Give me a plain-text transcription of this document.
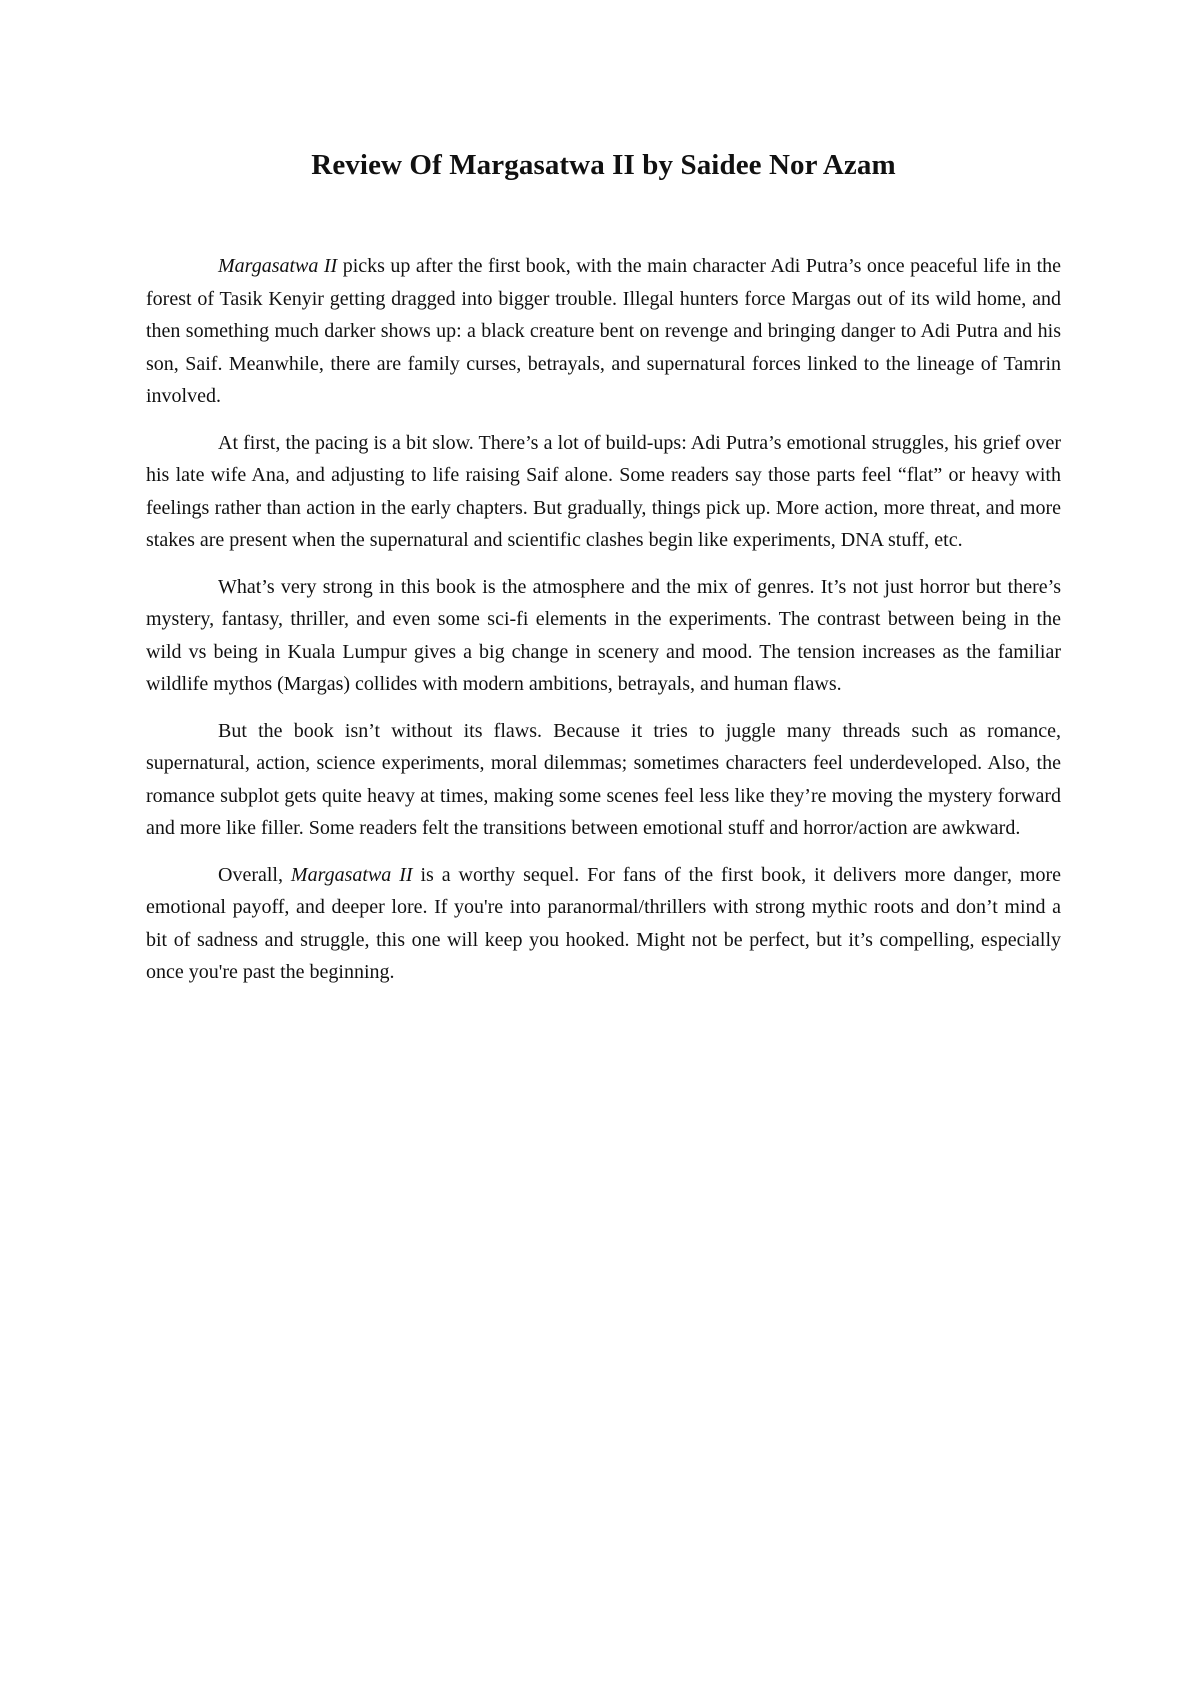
Review Of Margasatwa II by Saidee Nor Azam

Margasatwa II picks up after the first book, with the main character Adi Putra’s once peaceful life in the forest of Tasik Kenyir getting dragged into bigger trouble. Illegal hunters force Margas out of its wild home, and then something much darker shows up: a black creature bent on revenge and bringing danger to Adi Putra and his son, Saif. Meanwhile, there are family curses, betrayals, and supernatural forces linked to the lineage of Tamrin involved.

At first, the pacing is a bit slow. There’s a lot of build-ups: Adi Putra’s emotional struggles, his grief over his late wife Ana, and adjusting to life raising Saif alone. Some readers say those parts feel “flat” or heavy with feelings rather than action in the early chapters. But gradually, things pick up. More action, more threat, and more stakes are present when the supernatural and scientific clashes begin like experiments, DNA stuff, etc.

What’s very strong in this book is the atmosphere and the mix of genres. It’s not just horror but there’s mystery, fantasy, thriller, and even some sci-fi elements in the experiments. The contrast between being in the wild vs being in Kuala Lumpur gives a big change in scenery and mood. The tension increases as the familiar wildlife mythos (Margas) collides with modern ambitions, betrayals, and human flaws.

But the book isn’t without its flaws. Because it tries to juggle many threads such as romance, supernatural, action, science experiments, moral dilemmas; sometimes characters feel underdeveloped. Also, the romance subplot gets quite heavy at times, making some scenes feel less like they’re moving the mystery forward and more like filler. Some readers felt the transitions between emotional stuff and horror/action are awkward.

Overall, Margasatwa II is a worthy sequel. For fans of the first book, it delivers more danger, more emotional payoff, and deeper lore. If you're into paranormal/thrillers with strong mythic roots and don’t mind a bit of sadness and struggle, this one will keep you hooked. Might not be perfect, but it’s compelling, especially once you're past the beginning.
